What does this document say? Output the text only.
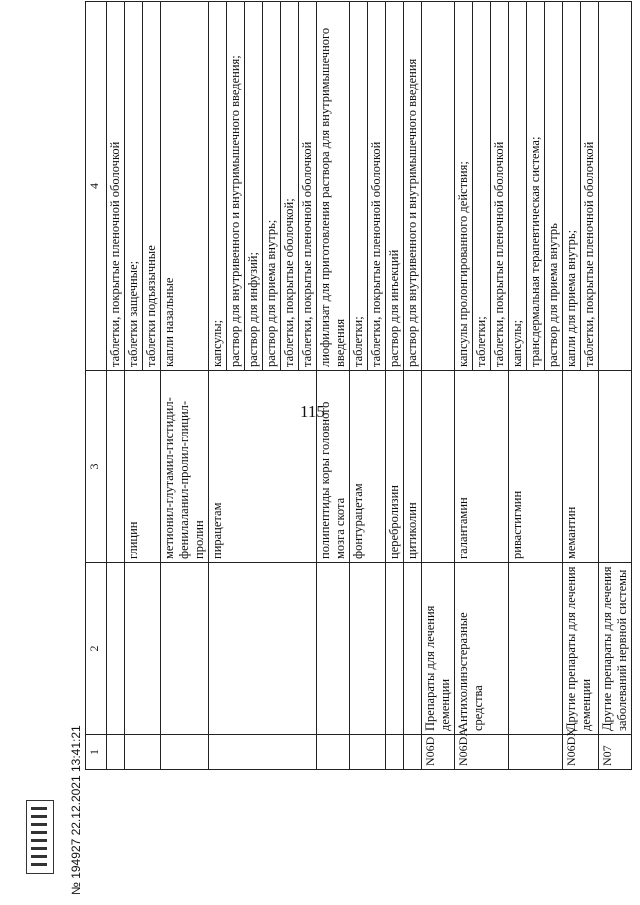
115
1	2	3	4
			таблетки, покрытые пленочной оболочкой
		глицин	таблетки защечные;
			таблетки подъязычные
		метионил-глутамил-гистидил-фенилаланил-пролил-глицил-пролин	капли назальные
		пирацетам	капсулы;
			раствор для внутривенного и внутримышечного введения;
			раствор для инфузий;
			раствор для приема внутрь;
			таблетки, покрытые оболочкой;
			таблетки, покрытые пленочной оболочкой
		полипептиды коры головного мозга скота	лиофилизат для приготовления раствора для внутримышечного введения
		фонтурацетам	таблетки;
			таблетки, покрытые пленочной оболочкой
		церебролизин	раствор для инъекций
		цитиколин	раствор для внутривенного и внутримышечного введения
N06D	Препараты для лечения деменции		
N06DA	Антихолинэстеразные средства	галантамин	капсулы пролонгированного действия;
			таблетки;
			таблетки, покрытые пленочной оболочкой
		ривастигмин	капсулы;
			трансдермальная терапевтическая система;
			раствор для приема внутрь
N06DX	Другие препараты для лечения деменции	мемантин	капли для приема внутрь;
			таблетки, покрытые пленочной оболочкой
N07	Другие препараты для лечения заболеваний нервной системы		
№ 194927 22.12.2021 13:41:21
